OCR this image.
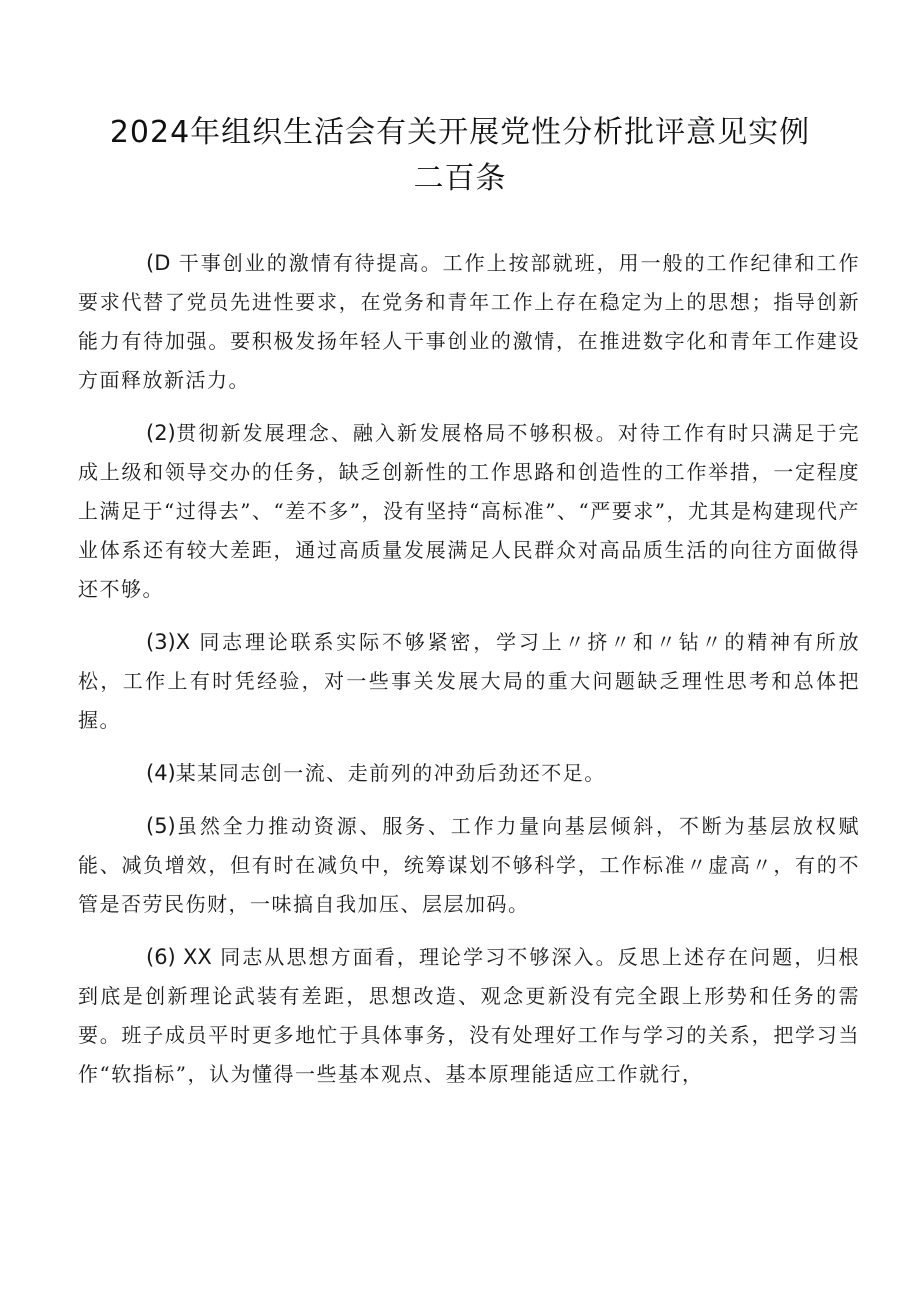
2024年组织生活会有关开展党性分析批评意见实例
二百条

(D 干事创业的激情有待提高。工作上按部就班，用一般的工作纪律和工作要求代替了党员先进性要求，在党务和青年工作上存在稳定为上的思想；指导创新能力有待加强。要积极发扬年轻人干事创业的激情，在推进数字化和青年工作建设方面释放新活力。

(2)贯彻新发展理念、融入新发展格局不够积极。对待工作有时只满足于完成上级和领导交办的任务，缺乏创新性的工作思路和创造性的工作举措，一定程度上满足于“过得去”、“差不多”，没有坚持“高标准”、“严要求”，尤其是构建现代产业体系还有较大差距，通过高质量发展满足人民群众对高品质生活的向往方面做得还不够。

(3)X 同志理论联系实际不够紧密，学习上〃挤〃和〃钻〃的精神有所放松，工作上有时凭经验，对一些事关发展大局的重大问题缺乏理性思考和总体把握。

(4)某某同志创一流、走前列的冲劲后劲还不足。

(5)虽然全力推动资源、服务、工作力量向基层倾斜，不断为基层放权赋能、减负增效，但有时在减负中，统筹谋划不够科学，工作标准〃虚高〃，有的不管是否劳民伤财，一味搞自我加压、层层加码。

(6) XX 同志从思想方面看，理论学习不够深入。反思上述存在问题，归根到底是创新理论武装有差距，思想改造、观念更新没有完全跟上形势和任务的需要。班子成员平时更多地忙于具体事务，没有处理好工作与学习的关系，把学习当作“软指标”，认为懂得一些基本观点、基本原理能适应工作就行，
